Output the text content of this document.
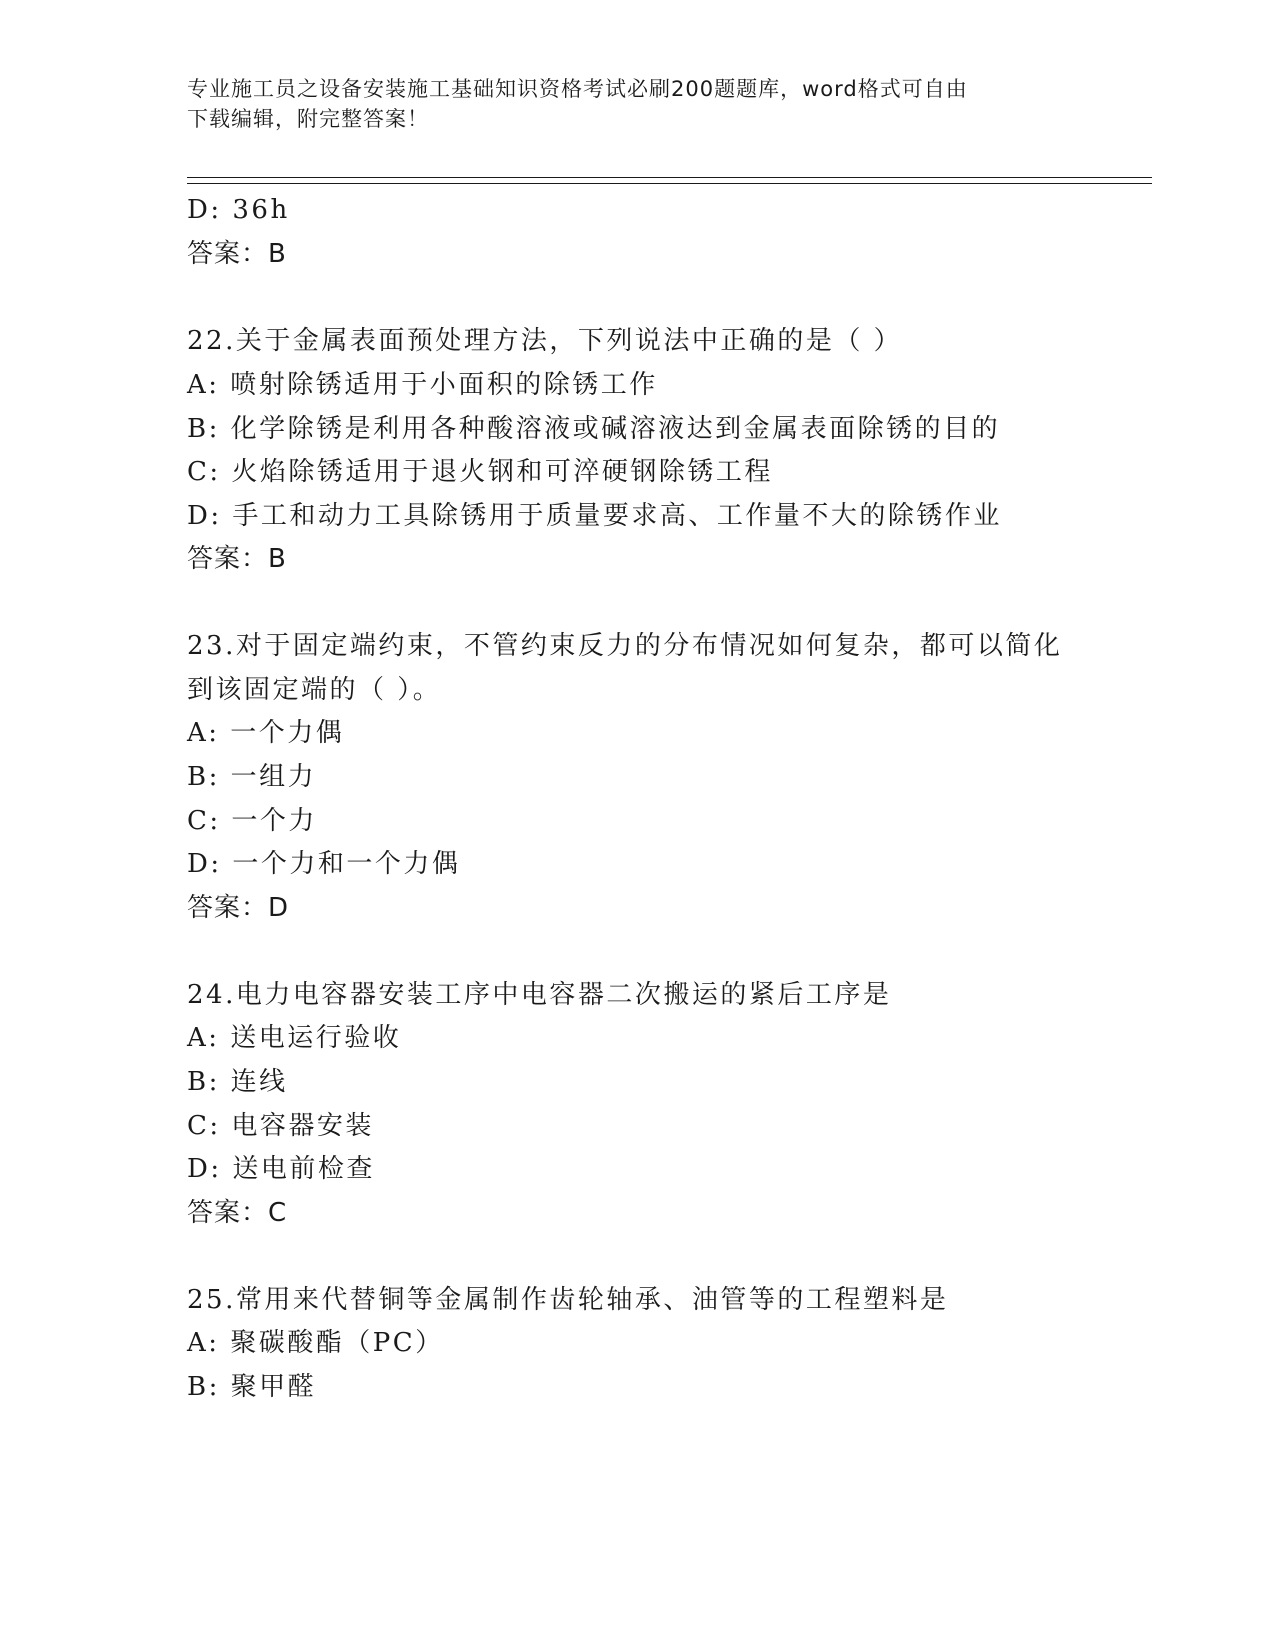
专业施工员之设备安装施工基础知识资格考试必刷200题题库，word格式可自由
下载编辑，附完整答案！
D: 36h
答案：B
22.关于金属表面预处理方法，下列说法中正确的是（ ）
A: 喷射除锈适用于小面积的除锈工作
B: 化学除锈是利用各种酸溶液或碱溶液达到金属表面除锈的目的
C: 火焰除锈适用于退火钢和可淬硬钢除锈工程
D: 手工和动力工具除锈用于质量要求高、工作量不大的除锈作业
答案：B
23.对于固定端约束，不管约束反力的分布情况如何复杂，都可以简化
到该固定端的（ ）。
A: 一个力偶
B: 一组力
C: 一个力
D: 一个力和一个力偶
答案：D
24.电力电容器安装工序中电容器二次搬运的紧后工序是
A: 送电运行验收
B: 连线
C: 电容器安装
D: 送电前检查
答案：C
25.常用来代替铜等金属制作齿轮轴承、油管等的工程塑料是
A: 聚碳酸酯（PC）
B: 聚甲醛
